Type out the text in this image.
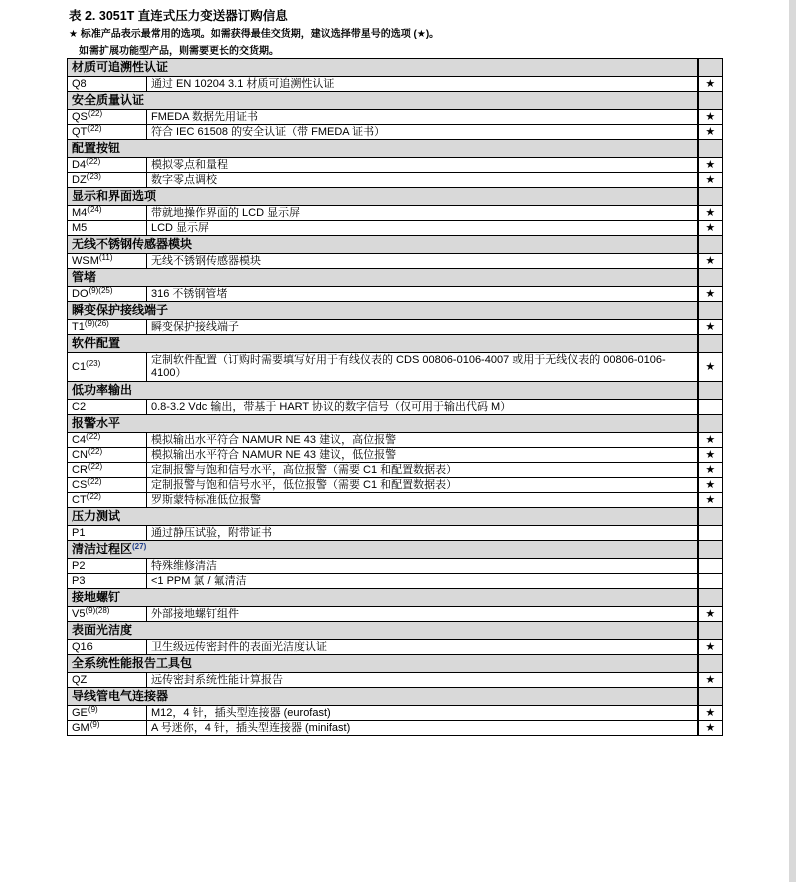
表 2. 3051T 直连式压力变送器订购信息
★ 标准产品表示最常用的选项。如需获得最佳交货期，建议选择带星号的选项 (★)。
如需扩展功能型产品，则需要更长的交货期。
材质可追溯性认证		
Q8	通过 EN 10204 3.1 材质可追溯性认证	★
安全质量认证		
QS$^{(22)}$	FMEDA 数据先用证书	★
QT$^{(22)}$	符合 IEC 61508 的安全认证（带 FMEDA 证书）	★
配置按钮		
D4$^{(22)}$	模拟零点和量程	★
DZ$^{(23)}$	数字零点调校	★
显示和界面选项		
M4$^{(24)}$	带就地操作界面的 LCD 显示屏	★
M5	LCD 显示屏	★
无线不锈钢传感器模块		
WSM$^{(11)}$	无线不锈钢传感器模块	★
管堵		
$DO^{(9)(25)}$	316 不锈钢管堵	★
瞬变保护接线端子		
$T1^{(9)(26)}$	瞬变保护接线端子	★
软件配置		
C1$^{(23)}$	定制软件配置（订购时需要填写好用于有线仪表的 CDS 00806-0106-4007 或用于无线仪表的 00806-0106-4100）	★
低功率输出		
C2	0.8-3.2 Vdc 输出，带基于 HART 协议的数字信号（仅可用于输出代码 M）	
报警水平		
C4$^{(22)}$	模拟输出水平符合 NAMUR NE 43 建议，高位报警	★
CN$^{(22)}$	模拟输出水平符合 NAMUR NE 43 建议，低位报警	★
CR$^{(22)}$	定制报警与饱和信号水平，高位报警（需要 C1 和配置数据表）	★
CS$^{(22)}$	定制报警与饱和信号水平，低位报警（需要 C1 和配置数据表）	★
CT$^{(22)}$	罗斯蒙特标准低位报警	★
压力测试		
P1	通过静压试验，附带证书	
清洁过程区$^{(27)}$	
P2	特殊维修清洁	
P3	<1 PPM 氯 / 氟清洁	
接地螺钉		
$V5^{(9)(28)}$	外部接地螺钉组件	★
表面光洁度		
Q16	卫生级远传密封件的表面光洁度认证	★
全系统性能报告工具包		
QZ	远传密封系统性能计算报告	★
导线管电气连接器		
GE$^{(9)}$	M12，4 针，插头型连接器 (eurofast)	★
GM$^{(9)}$	A 号迷你，4 针，插头型连接器 (minifast)	★
